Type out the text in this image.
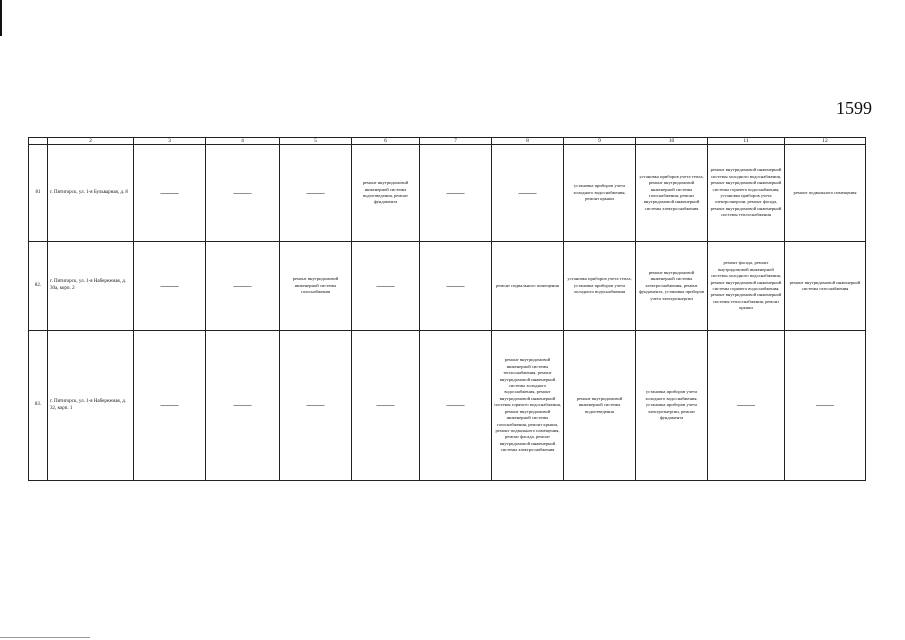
1599
	2	3	4	5	6	7	8	9	10	11	12
81	г. Пятигорск, ул. 1-я Бульварная, д. 8	——	——	——	ремонт внутридомовой инженерной системы водоотведения, ремонт фундамента	——	——	установка приборов учета холодного водоснабжения, ремонт крыши	установка приборов учета тепла, ремонт внутридомовой инженерной системы газоснабжения, ремонт внутридомовой инженерной системы электроснабжения	ремонт внутридомовой инженерной системы холодного водоснабжения, ремонт внутридомовой инженерной системы горячего водоснабжения, установка приборов учета электроэнергии, ремонт фасада, ремонт внутридомовой инженерной системы теплоснабжения	ремонт подвального помещения
82.	г. Пятигорск, ул. 1-я Набережная, д. 30а, корп. 2	——	——	ремонт внутридомовой инженерной системы газоснабжения	——	——	ремонт подвального помещения	установка приборов учета тепла, установка приборов учета холодного водоснабжения	ремонт внутридомовой инженерной системы электроснабжения, ремонт фундамента, установка приборов учета электроэнергии	ремонт фасада, ремонт внутридомовой инженерной системы холодного водоснабжения, ремонт внутридомовой инженерной системы горячего водоснабжения, ремонт внутридомовой инженерной системы теплоснабжения, ремонт крыши	ремонт внутридомовой инженерной системы газоснабжения
83.	г. Пятигорск, ул. 1-я Набережная, д. 32, корп. 1	——	——	——	——	——	ремонт внутридомовой инженерной системы теплоснабжения, ремонт внутридомовой инженерной системы холодного водоснабжения, ремонт внутридомовой инженерной системы горячего водоснабжения, ремонт внутридомовой инженерной системы газоснабжения, ремонт крыши, ремонт подвального помещения, ремонт фасада, ремонт внутридомовой инженерной системы электроснабжения	ремонт внутридомовой инженерной системы водоотведения	установка приборов учета холодного водоснабжения, установка приборов учета электроэнергии, ремонт фундамента	——	——
